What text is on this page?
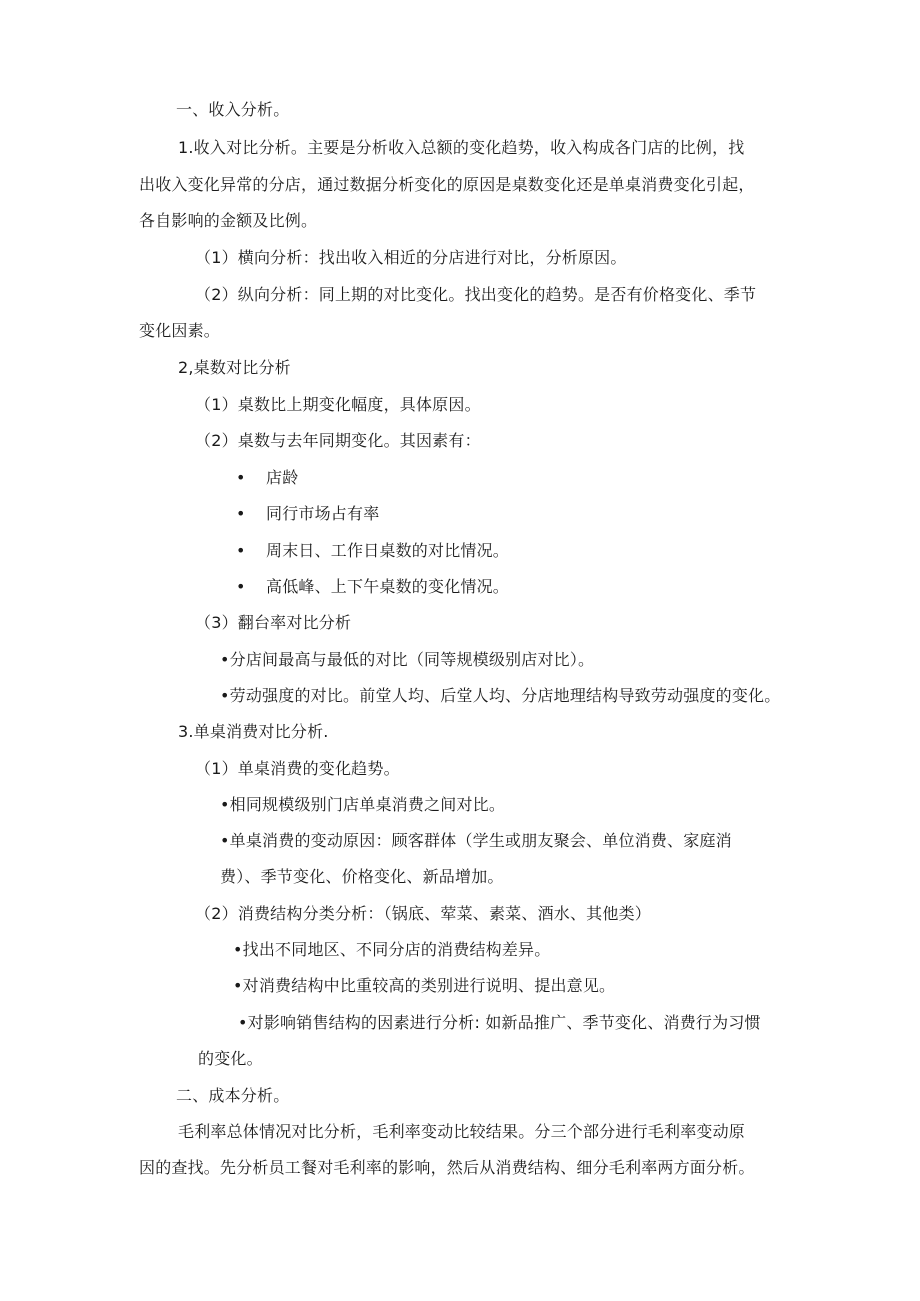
一、收入分析。
1.收入对比分析。主要是分析收入总额的变化趋势，收入构成各门店的比例，找
出收入变化异常的分店，通过数据分析变化的原因是桌数变化还是单桌消费变化引起，
各自影响的金额及比例。
（1）横向分析：找出收入相近的分店进行对比，分析原因。
（2）纵向分析：同上期的对比变化。找出变化的趋势。是否有价格变化、季节
变化因素。
2,桌数对比分析
（1）桌数比上期变化幅度，具体原因。
（2）桌数与去年同期变化。其因素有：
• 店龄
• 同行市场占有率
• 周末日、工作日桌数的对比情况。
• 高低峰、上下午桌数的变化情况。
（3）翻台率对比分析
•分店间最高与最低的对比（同等规模级别店对比）。
•劳动强度的对比。前堂人均、后堂人均、分店地理结构导致劳动强度的变化。
3.单桌消费对比分析.
（1）单桌消费的变化趋势。
•相同规模级别门店单桌消费之间对比。
•单桌消费的变动原因：顾客群体（学生或朋友聚会、单位消费、家庭消
费）、季节变化、价格变化、新品增加。
（2）消费结构分类分析：（锅底、荤菜、素菜、酒水、其他类）
•找出不同地区、不同分店的消费结构差异。
•对消费结构中比重较高的类别进行说明、提出意见。
•对影响销售结构的因素进行分析: 如新品推广、季节变化、消费行为习惯
的变化。
二、成本分析。
毛利率总体情况对比分析，毛利率变动比较结果。分三个部分进行毛利率变动原
因的查找。先分析员工餐对毛利率的影响，然后从消费结构、细分毛利率两方面分析。
